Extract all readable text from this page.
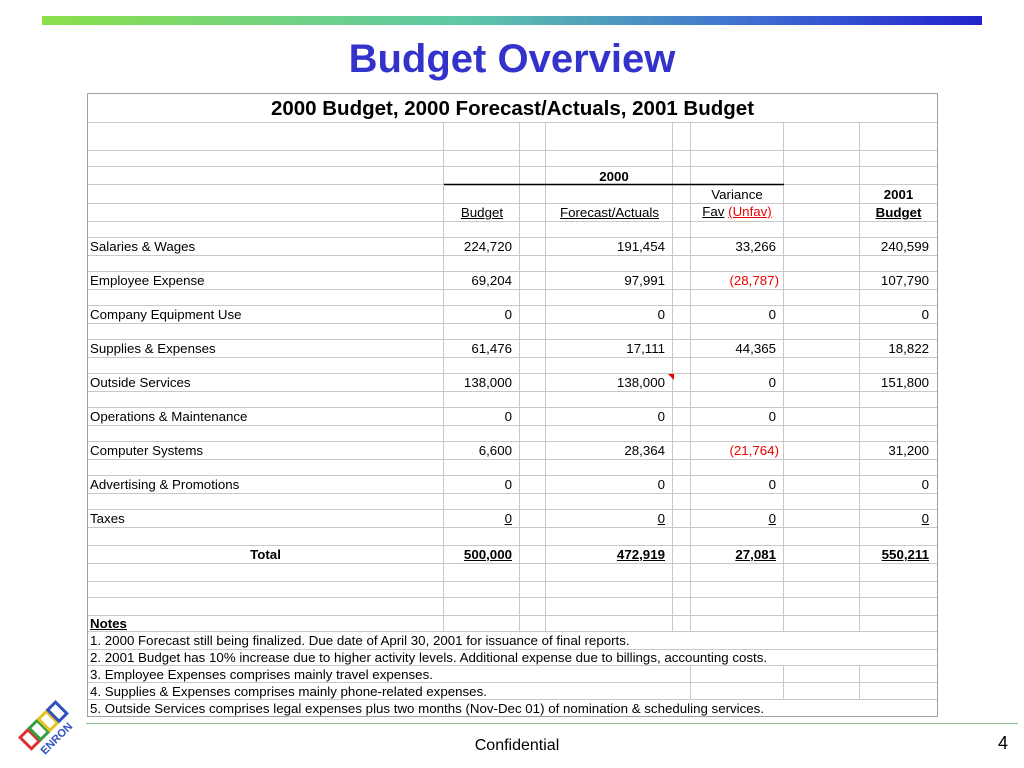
Budget Overview
2000 Budget, 2000 Forecast/Actuals, 2001 Budget
2000
Variance	2001
Budget	Forecast/Actuals	Fav (Unfav)	Budget
Salaries & Wages	224,720	191,454	33,266	240,599
Employee Expense	69,204	97,991	(28,787)	107,790
Company Equipment Use	0	0	0	0
Supplies & Expenses	61,476	17,111	44,365	18,822
Outside Services	138,000	138,000	0	151,800
Operations & Maintenance	0	0	0
Computer Systems	6,600	28,364	(21,764)	31,200
Advertising & Promotions	0	0	0	0
Taxes	0	0	0	0
Total	500,000	472,919	27,081	550,211
Notes
1. 2000 Forecast still being finalized. Due date of April 30, 2001 for issuance of final reports.
2. 2001 Budget has 10% increase due to higher activity levels. Additional expense due to billings, accounting costs.
3. Employee Expenses comprises mainly travel expenses.
4. Supplies & Expenses comprises mainly phone-related expenses.
5. Outside Services comprises legal expenses plus two months (Nov-Dec 01) of nomination & scheduling services.
ENRON	Confidential	4
